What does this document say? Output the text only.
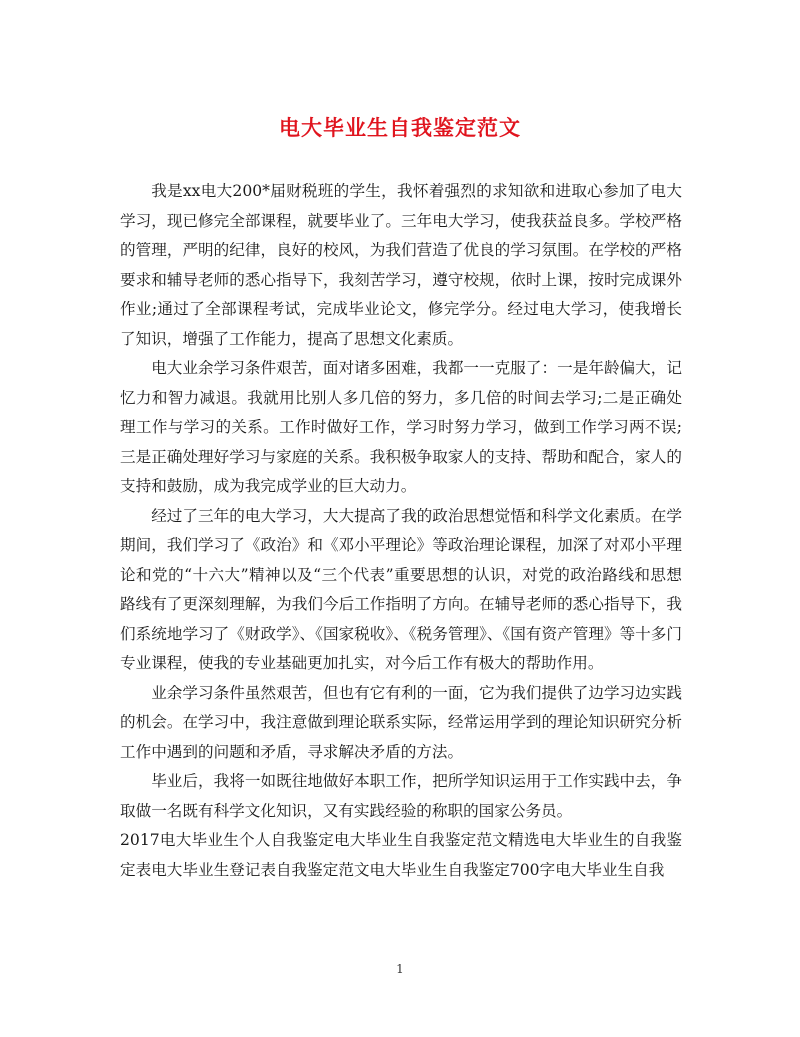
电大毕业生自我鉴定范文

我是xx电大200*届财税班的学生，我怀着强烈的求知欲和进取心参加了电大学习，现已修完全部课程，就要毕业了。三年电大学习，使我获益良多。学校严格的管理，严明的纪律，良好的校风，为我们营造了优良的学习氛围。在学校的严格要求和辅导老师的悉心指导下，我刻苦学习，遵守校规，依时上课，按时完成课外作业;通过了全部课程考试，完成毕业论文，修完学分。经过电大学习，使我增长了知识，增强了工作能力，提高了思想文化素质。

电大业余学习条件艰苦，面对诸多困难，我都一一克服了：一是年龄偏大，记忆力和智力减退。我就用比别人多几倍的努力，多几倍的时间去学习;二是正确处理工作与学习的关系。工作时做好工作，学习时努力学习，做到工作学习两不误;三是正确处理好学习与家庭的关系。我积极争取家人的支持、帮助和配合，家人的支持和鼓励，成为我完成学业的巨大动力。

经过了三年的电大学习，大大提高了我的政治思想觉悟和科学文化素质。在学期间，我们学习了《政治》和《邓小平理论》等政治理论课程，加深了对邓小平理论和党的“十六大”精神以及“三个代表”重要思想的认识，对党的政治路线和思想路线有了更深刻理解，为我们今后工作指明了方向。在辅导老师的悉心指导下，我们系统地学习了《财政学》、《国家税收》、《税务管理》、《国有资产管理》等十多门专业课程，使我的专业基础更加扎实，对今后工作有极大的帮助作用。

业余学习条件虽然艰苦，但也有它有利的一面，它为我们提供了边学习边实践的机会。在学习中，我注意做到理论联系实际，经常运用学到的理论知识研究分析工作中遇到的问题和矛盾，寻求解决矛盾的方法。

毕业后，我将一如既往地做好本职工作，把所学知识运用于工作实践中去，争取做一名既有科学文化知识，又有实践经验的称职的国家公务员。

2017电大毕业生个人自我鉴定电大毕业生自我鉴定范文精选电大毕业生的自我鉴定表电大毕业生登记表自我鉴定范文电大毕业生自我鉴定700字电大毕业生自我

1
